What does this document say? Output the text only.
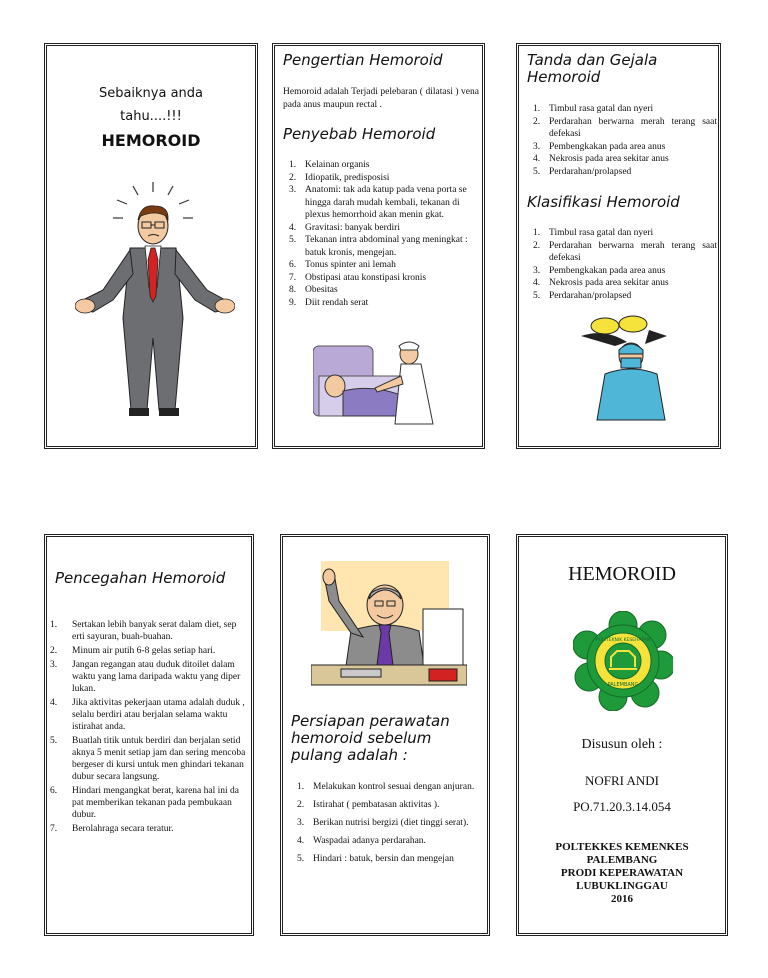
Sebaiknya anda
tahu....!!!
HEMOROID
Pengertian Hemoroid
Hemoroid adalah Terjadi pelebaran ( dilatasi ) vena pada anus maupun rectal .
Penyebab Hemoroid
1. Kelainan organis
2. Idiopatik, predisposisi
3. Anatomi: tak ada katup pada vena porta se hingga darah mudah kembali, tekanan di plexus hemorrhoid akan menin gkat.
4. Gravitasi: banyak berdiri
5. Tekanan intra abdominal yang meningkat : batuk kronis, mengejan.
6. Tonus spinter ani lemah
7. Obstipasi atau konstipasi kronis
8. Obesitas
9. Diit rendah serat
Tanda dan Gejala Hemoroid
1. Timbul rasa gatal dan nyeri
2. Perdarahan berwarna merah terang saat defekasi
3. Pembengkakan pada area anus
4. Nekrosis pada area sekitar anus
5. Perdarahan/prolapsed
Klasifikasi Hemoroid
1. Timbul rasa gatal dan nyeri
2. Perdarahan berwarna merah terang saat defekasi
3. Pembengkakan pada area anus
4. Nekrosis pada area sekitar anus
5. Perdarahan/prolapsed
Pencegahan Hemoroid
1. Sertakan lebih banyak serat dalam diet, sep erti sayuran, buah-buahan.
2. Minum air putih 6-8 gelas setiap hari.
3. Jangan regangan atau duduk ditoilet dalam waktu yang lama daripada waktu yang diper lukan.
4. Jika aktivitas pekerjaan utama adalah duduk , selalu berdiri atau berjalan selama waktu istirahat anda.
5. Buatlah titik untuk berdiri dan berjalan setid aknya 5 menit setiap jam dan sering mencoba bergeser di kursi untuk men ghindari tekanan dubur secara langsung.
6. Hindari mengangkat berat, karena hal ini da pat memberikan tekanan pada pembukaan dubur.
7. Berolahraga secara teratur.
Persiapan perawatan hemoroid sebelum pulang adalah :
1. Melakukan kontrol sesuai dengan anjuran.
2. Istirahat ( pembatasan aktivitas ).
3. Berikan nutrisi bergizi (diet tinggi serat).
4. Waspadai adanya perdarahan.
5. Hindari : batuk, bersin dan mengejan
HEMOROID
POLITEKNIK KESEHATAN
PALEMBANG
Disusun oleh :
NOFRI ANDI
PO.71.20.3.14.054
POLTEKKES KEMENKES
PALEMBANG
PRODI KEPERAWATAN
LUBUKLINGGAU
2016
